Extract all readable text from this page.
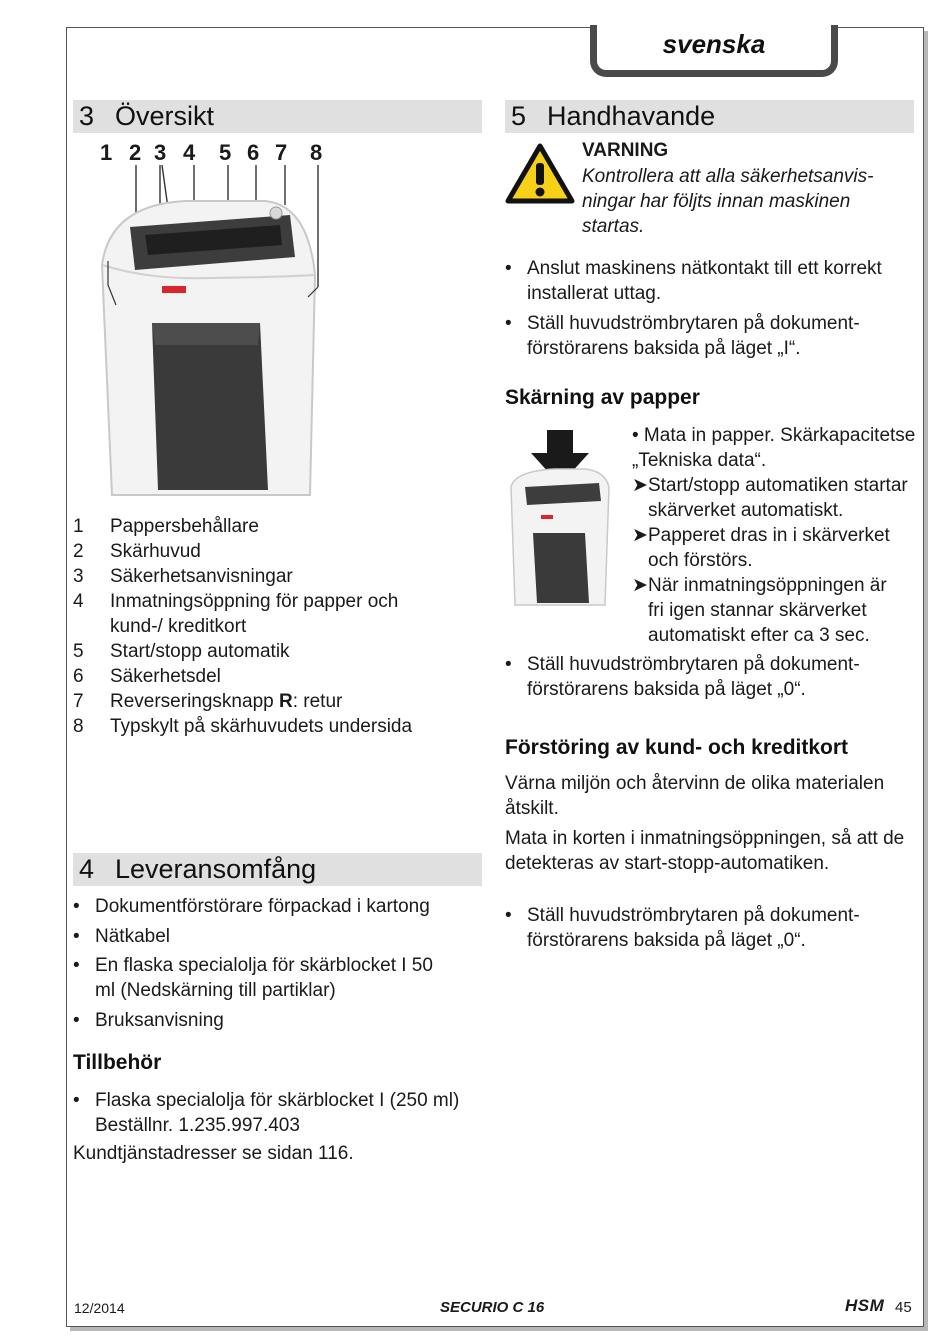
svenska
3 Översikt
1 2 3 4 5 6 7 8
1	Pappersbehållare
2	Skärhuvud
3	Säkerhetsanvisningar
4	Inmatningsöppning för papper och kund-/ kreditkort
5	Start/stopp automatik
6	Säkerhetsdel
7	Reverseringsknapp R: retur
8	Typskylt på skärhuvudets undersida
4 Leveransomfång
• Dokumentförstörare förpackad i kartong
• Nätkabel
• En flaska specialolja för skärblocket I 50 ml (Nedskärning till partiklar)
• Bruksanvisning
Tillbehör
• Flaska specialolja för skärblocket I (250 ml) Beställnr. 1.235.997.403
Kundtjänstadresser se sidan 116.
5 Handhavande
VARNING
Kontrollera att alla säkerhetsanvisningar har följts innan maskinen startas.
• Anslut maskinens nätkontakt till ett korrekt installerat uttag.
• Ställ huvudströmbrytaren på dokumentförstörarens baksida på läget „I“.
Skärning av papper
• Mata in papper. Skärkapacitetse „Tekniska data“.
➤ Start/stopp automatiken startar skärverket automatiskt.
➤ Papperet dras in i skärverket och förstörs.
➤ När inmatningsöppningen är fri igen stannar skärverket automatiskt efter ca 3 sec.
• Ställ huvudströmbrytaren på dokumentförstörarens baksida på läget „0“.
Förstöring av kund- och kreditkort
Värna miljön och återvinn de olika materialen åtskilt.
Mata in korten i inmatningsöppningen, så att de detekteras av start-stopp-automatiken.
• Ställ huvudströmbrytaren på dokumentförstörarens baksida på läget „0“.
12/2014	SECURIO C 16	HSM 45
